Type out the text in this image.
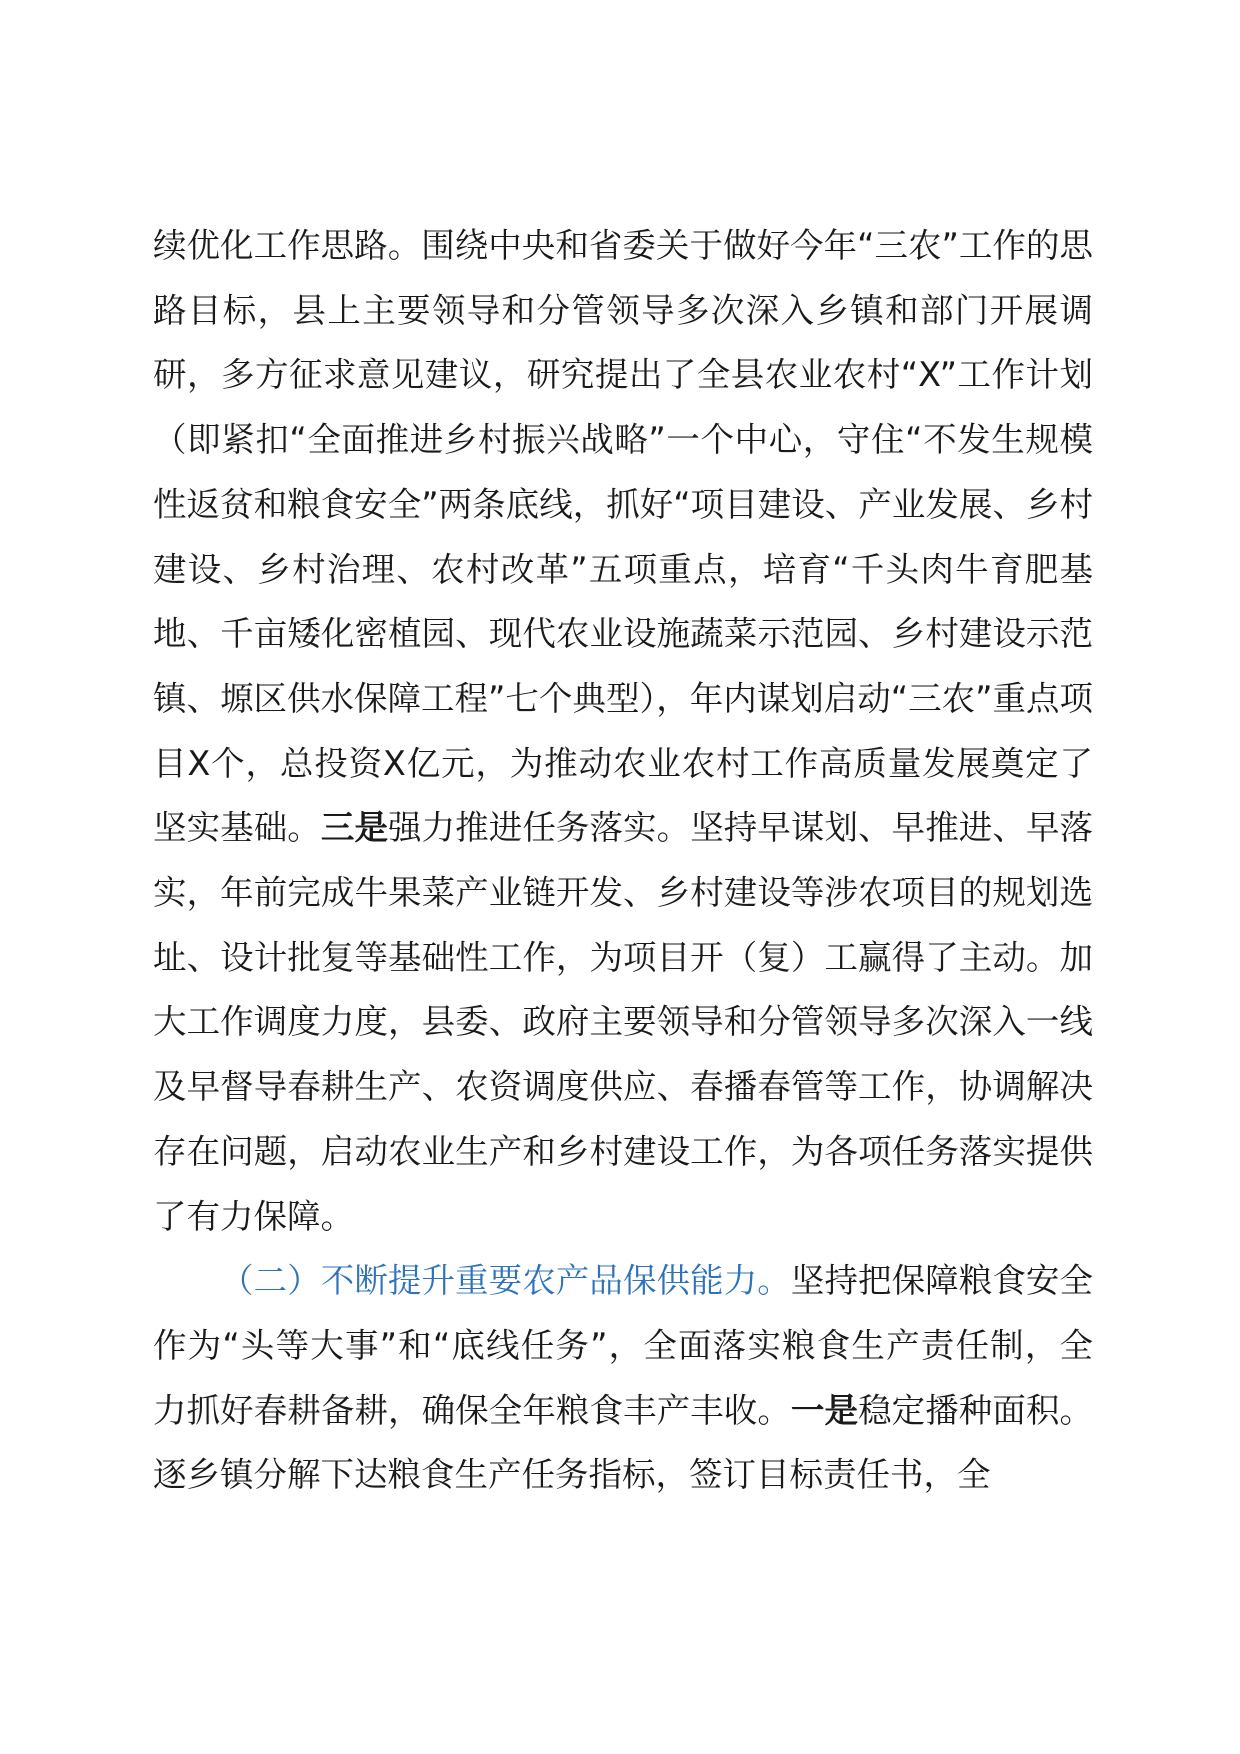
续优化工作思路。围绕中央和省委关于做好今年“三农”工作的思路目标，县上主要领导和分管领导多次深入乡镇和部门开展调研，多方征求意见建议，研究提出了全县农业农村“X”工作计划（即紧扣“全面推进乡村振兴战略”一个中心，守住“不发生规模性返贫和粮食安全”两条底线，抓好“项目建设、产业发展、乡村建设、乡村治理、农村改革”五项重点，培育“千头肉牛育肥基地、千亩矮化密植园、现代农业设施蔬菜示范园、乡村建设示范镇、塬区供水保障工程”七个典型），年内谋划启动“三农”重点项目X个，总投资X亿元，为推动农业农村工作高质量发展奠定了坚实基础。三是强力推进任务落实。坚持早谋划、早推进、早落实，年前完成牛果菜产业链开发、乡村建设等涉农项目的规划选址、设计批复等基础性工作，为项目开（复）工赢得了主动。加大工作调度力度，县委、政府主要领导和分管领导多次深入一线及早督导春耕生产、农资调度供应、春播春管等工作，协调解决存在问题，启动农业生产和乡村建设工作，为各项任务落实提供了有力保障。

（二）不断提升重要农产品保供能力。坚持把保障粮食安全作为“头等大事”和“底线任务”，全面落实粮食生产责任制，全力抓好春耕备耕，确保全年粮食丰产丰收。一是稳定播种面积。逐乡镇分解下达粮食生产任务指标，签订目标责任书，全
